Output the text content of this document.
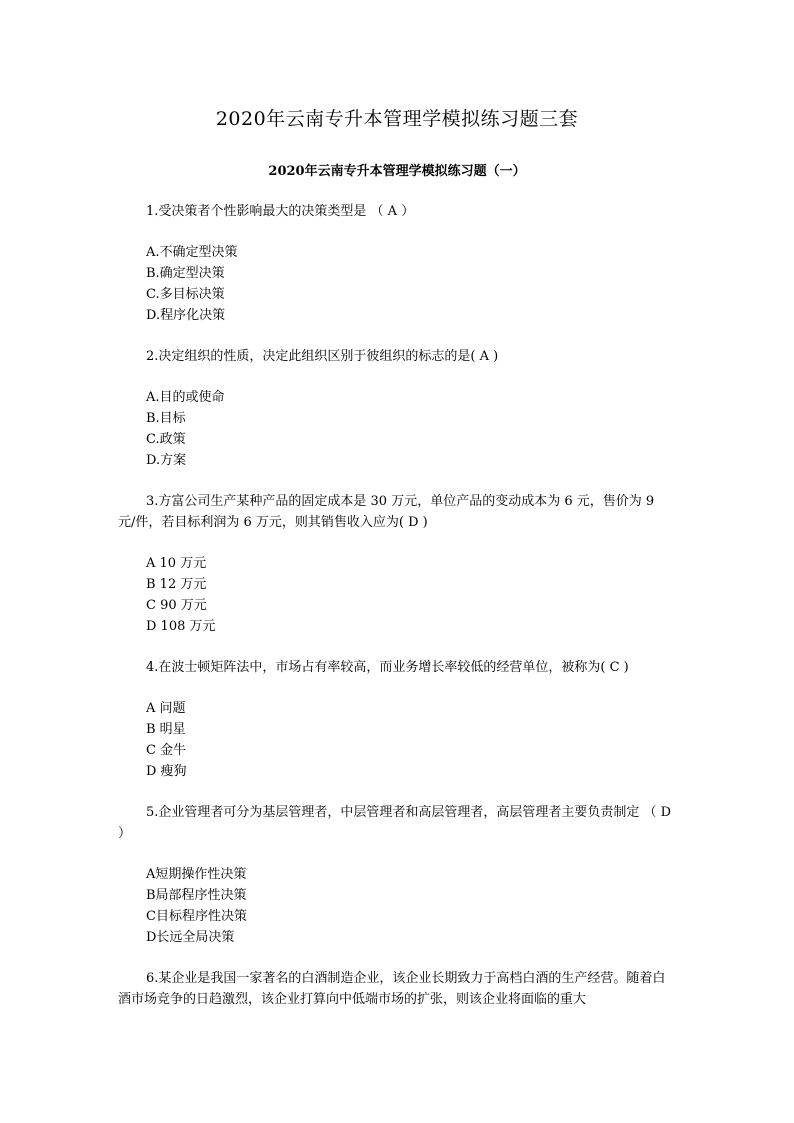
2020年云南专升本管理学模拟练习题三套
2020年云南专升本管理学模拟练习题（一）

1.受决策者个性影响最大的决策类型是 （ A ）

A.不确定型决策

B.确定型决策

C.多目标决策

D.程序化决策

2.决定组织的性质，决定此组织区别于彼组织的标志的是( A )

A.目的或使命

B.目标

C.政策

D.方案

3.方富公司生产某种产品的固定成本是 30 万元，单位产品的变动成本为 6 元，售价为 9 元/件，若目标利润为 6 万元，则其销售收入应为( D )

A 10 万元

B 12 万元

C 90 万元

D 108 万元

4.在波士顿矩阵法中，市场占有率较高，而业务增长率较低的经营单位，被称为( C )

A 问题

B 明星

C 金牛

D 瘦狗

5.企业管理者可分为基层管理者，中层管理者和高层管理者，高层管理者主要负责制定 （ D ）

A短期操作性决策

B局部程序性决策

C目标程序性决策

D长远全局决策

6.某企业是我国一家著名的白酒制造企业，该企业长期致力于高档白酒的生产经营。随着白酒市场竞争的日趋激烈，该企业打算向中低端市场的扩张，则该企业将面临的重大
